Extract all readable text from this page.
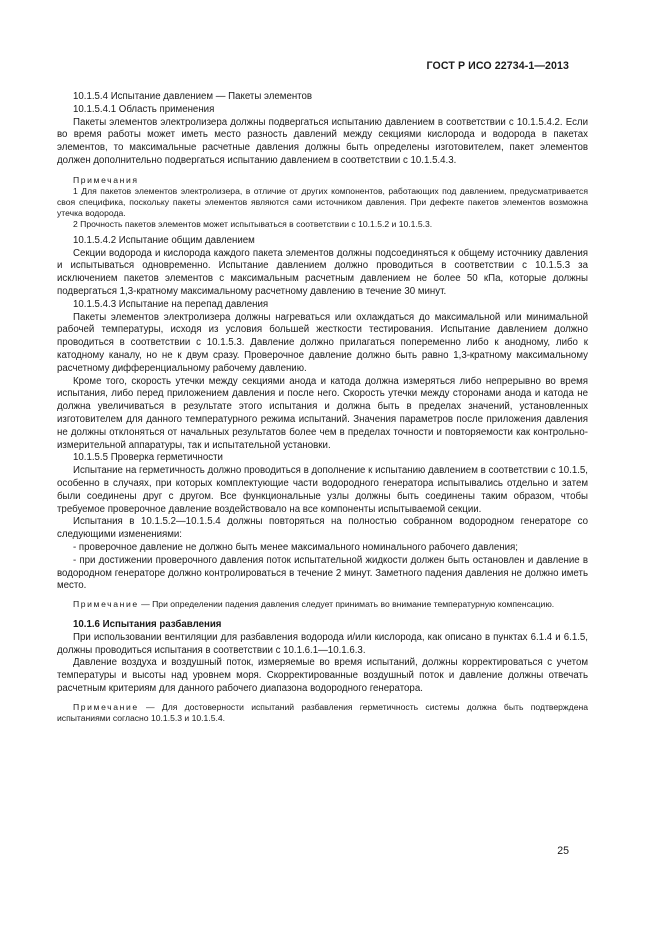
ГОСТ Р ИСО 22734-1—2013
10.1.5.4 Испытание давлением — Пакеты элементов
10.1.5.4.1 Область применения

Пакеты элементов электролизера должны подвергаться испытанию давлением в соответствии с 10.1.5.4.2. Если во время работы может иметь место разность давлений между секциями кислорода и водорода в пакетах элементов, то максимальные расчетные давления должны быть определены изготовителем, пакет элементов должен дополнительно подвергаться испытанию давлением в соответствии с 10.1.5.4.3.

Примечания

1 Для пакетов элементов электролизера, в отличие от других компонентов, работающих под давлением, предусматривается своя специфика, поскольку пакеты элементов являются сами источником давления. При дефекте пакетов элементов возможна утечка водорода.

2 Прочность пакетов элементов может испытываться в соответствии с 10.1.5.2 и 10.1.5.3.

10.1.5.4.2 Испытание общим давлением

Секции водорода и кислорода каждого пакета элементов должны подсоединяться к общему источнику давления и испытываться одновременно. Испытание давлением должно проводиться в соответствии с 10.1.5.3 за исключением пакетов элементов с максимальным расчетным давлением не более 50 кПа, которые должны подвергаться 1,3-кратному максимальному расчетному давлению в течение 30 минут.

10.1.5.4.3 Испытание на перепад давления

Пакеты элементов электролизера должны нагреваться или охлаждаться до максимальной или минимальной рабочей температуры, исходя из условия большей жесткости тестирования. Испытание давлением должно проводиться в соответствии с 10.1.5.3. Давление должно прилагаться попеременно либо к анодному, либо к катодному каналу, но не к двум сразу. Проверочное давление должно быть равно 1,3-кратному максимальному расчетному дифференциальному рабочему давлению.

Кроме того, скорость утечки между секциями анода и катода должна измеряться либо непрерывно во время испытания, либо перед приложением давления и после него. Скорость утечки между сторонами анода и катода не должна увеличиваться в результате этого испытания и должна быть в пределах значений, установленных изготовителем для данного температурного режима испытаний. Значения параметров после приложения давления не должны отклоняться от начальных результатов более чем в пределах точности и повторяемости как контрольно-измерительной аппаратуры, так и испытательной установки.

10.1.5.5 Проверка герметичности

Испытание на герметичность должно проводиться в дополнение к испытанию давлением в соответствии с 10.1.5, особенно в случаях, при которых комплектующие части водородного генератора испытывались отдельно и затем были соединены друг с другом. Все функциональные узлы должны быть соединены таким образом, чтобы требуемое проверочное давление воздействовало на все компоненты испытываемой секции.

Испытания в 10.1.5.2—10.1.5.4 должны повторяться на полностью собранном водородном генераторе со следующими изменениями:

- проверочное давление не должно быть менее максимального номинального рабочего давления;

- при достижении проверочного давления поток испытательной жидкости должен быть остановлен и давление в водородном генераторе должно контролироваться в течение 2 минут. Заметного падения давления не должно иметь место.

Примечание — При определении падения давления следует принимать во внимание температурную компенсацию.

10.1.6 Испытания разбавления

При использовании вентиляции для разбавления водорода и/или кислорода, как описано в пунктах 6.1.4 и 6.1.5, должны проводиться испытания в соответствии с 10.1.6.1—10.1.6.3.

Давление воздуха и воздушный поток, измеряемые во время испытаний, должны корректироваться с учетом температуры и высоты над уровнем моря. Скорректированные воздушный поток и давление должны отвечать расчетным критериям для данного рабочего диапазона водородного генератора.

Примечание — Для достоверности испытаний разбавления герметичность системы должна быть подтверждена испытаниями согласно 10.1.5.3 и 10.1.5.4.

25
